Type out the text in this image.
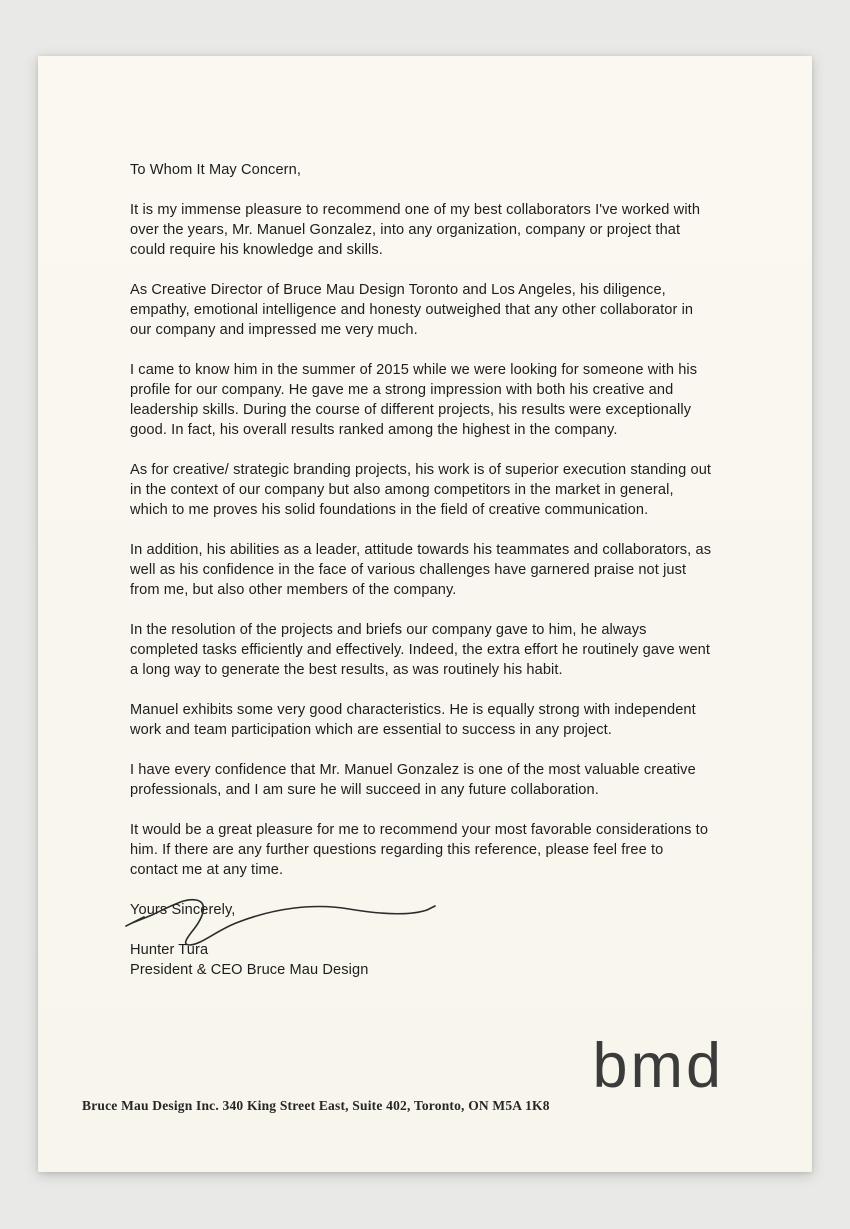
To Whom It May Concern,

It is my immense pleasure to recommend one of my best collaborators I've worked with over the years, Mr. Manuel Gonzalez, into any organization, company or project that could require his knowledge and skills.

As Creative Director of Bruce Mau Design Toronto and Los Angeles, his diligence, empathy, emotional intelligence and honesty outweighed that any other collaborator in our company and impressed me very much.

I came to know him in the summer of 2015 while we were looking for someone with his profile for our company. He gave me a strong impression with both his creative and leadership skills. During the course of different projects, his results were exceptionally good. In fact, his overall results ranked among the highest in the company.

As for creative/ strategic branding projects, his work is of superior execution standing out in the context of our company but also among competitors in the market in general, which to me proves his solid foundations in the field of creative communication.

In addition, his abilities as a leader, attitude towards his teammates and collaborators, as well as his confidence in the face of various challenges have garnered praise not just from me, but also other members of the company.

In the resolution of the projects and briefs our company gave to him, he always completed tasks efficiently and effectively. Indeed, the extra effort he routinely gave went a long way to generate the best results, as was routinely his habit.

Manuel exhibits some very good characteristics. He is equally strong with independent work and team participation which are essential to success in any project.

I have every confidence that Mr. Manuel Gonzalez is one of the most valuable creative professionals, and I am sure he will succeed in any future collaboration.

It would be a great pleasure for me to recommend your most favorable considerations to him. If there are any further questions regarding this reference, please feel free to contact me at any time.

Yours Sincerely,

Hunter Tura

President & CEO Bruce Mau Design

bmd
Bruce Mau Design Inc. 340 King Street East, Suite 402, Toronto, ON M5A 1K8
